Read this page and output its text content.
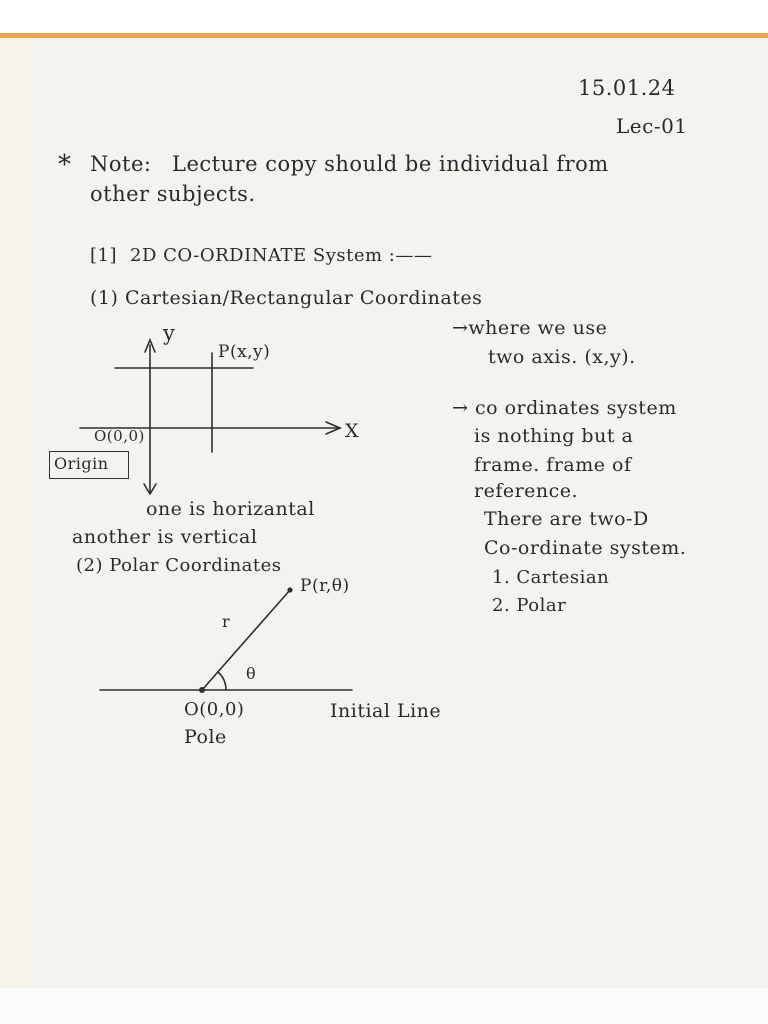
15.01.24
Lec-01
* Note: Lecture copy should be individual from
other subjects.
[1] 2D CO-ORDINATE System :——
(1) Cartesian/Rectangular Coordinates
y
P(x,y)
X
O(0,0)
Origin
one is horizantal
another is vertical
(2) Polar Coordinates
P(r,θ)
r
θ
O(0,0)
Pole
Initial Line
→where we use
two axis. (x,y).
→ co ordinates system
is nothing but a
frame. frame of
reference.
There are two-D
Co-ordinate system.
1. Cartesian
2. Polar
